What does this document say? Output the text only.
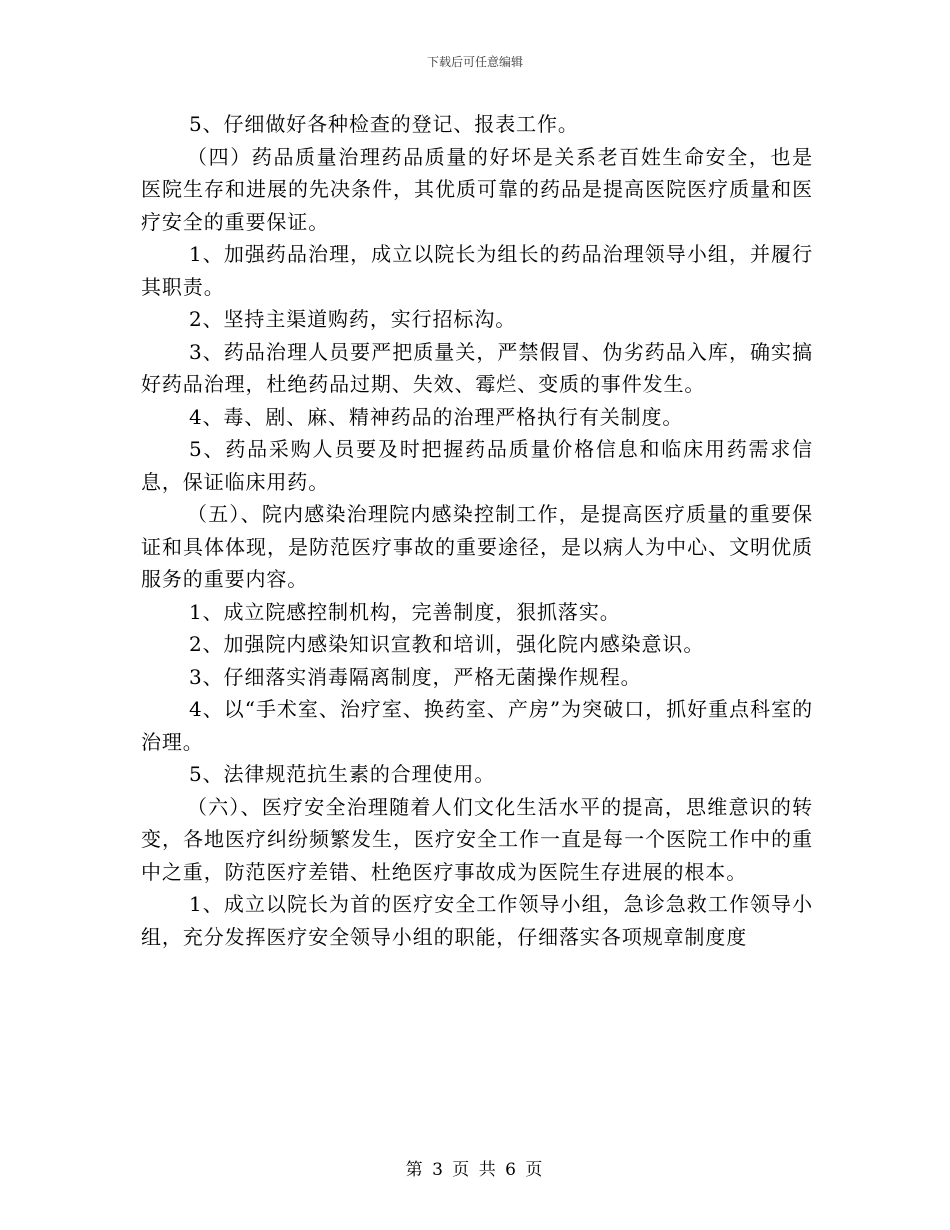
下载后可任意编辑

5、仔细做好各种检查的登记、报表工作。

（四）药品质量治理药品质量的好坏是关系老百姓生命安全，也是医院生存和进展的先决条件，其优质可靠的药品是提高医院医疗质量和医疗安全的重要保证。

1、加强药品治理，成立以院长为组长的药品治理领导小组，并履行其职责。

2、坚持主渠道购药，实行招标沟。

3、药品治理人员要严把质量关，严禁假冒、伪劣药品入库，确实搞好药品治理，杜绝药品过期、失效、霉烂、变质的事件发生。

4、毒、剧、麻、精神药品的治理严格执行有关制度。

5、药品采购人员要及时把握药品质量价格信息和临床用药需求信息，保证临床用药。

（五）、院内感染治理院内感染控制工作，是提高医疗质量的重要保证和具体体现，是防范医疗事故的重要途径，是以病人为中心、文明优质服务的重要内容。

1、成立院感控制机构，完善制度，狠抓落实。

2、加强院内感染知识宣教和培训，强化院内感染意识。

3、仔细落实消毒隔离制度，严格无菌操作规程。

4、以“手术室、治疗室、换药室、产房”为突破口，抓好重点科室的治理。

5、法律规范抗生素的合理使用。

（六）、医疗安全治理随着人们文化生活水平的提高，思维意识的转变，各地医疗纠纷频繁发生，医疗安全工作一直是每一个医院工作中的重中之重，防范医疗差错、杜绝医疗事故成为医院生存进展的根本。

1、成立以院长为首的医疗安全工作领导小组，急诊急救工作领导小组，充分发挥医疗安全领导小组的职能，仔细落实各项规章制度度

第 3 页 共 6 页
